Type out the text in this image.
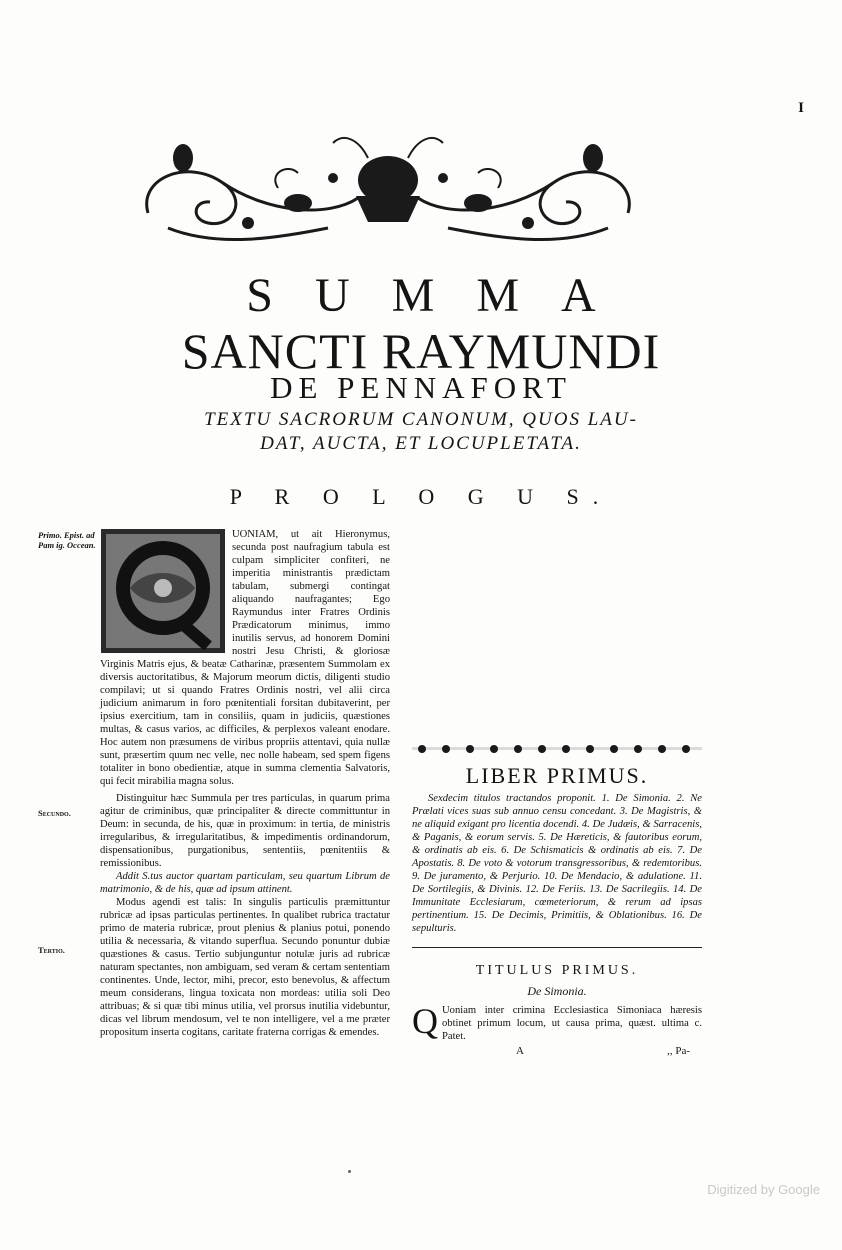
I
SUMMA
SANCTI RAYMUNDI
DE PENNAFORT
TEXTU SACRORUM CANONUM, QUOS LAU-
DAT, AUCTA, ET LOCUPLETATA.
P R O L O G U S.
Primo. Epist. ad Pam ig. Occean.
Secundo.
Tertio.

UONIAM, ut ait Hieronymus, secunda post naufragium tabula est culpam simpliciter confiteri, ne imperitia ministrantis prædictam tabulam, submergi contingat aliquando naufragantes; Ego Raymundus inter Fratres Ordinis Prædicatorum minimus, immo inutilis servus, ad honorem Domini nostri Jesu Christi, & gloriosæ Virginis Matris ejus, & beatæ Catharinæ, præsentem Summolam ex diversis auctoritatibus, & Majorum meorum dictis, diligenti studio compilavi; ut si quando Fratres Ordinis nostri, vel alii circa judicium animarum in foro pœnitentiali forsitan dubitaverint, per ipsius exercitium, tam in consiliis, quam in judiciis, quæstiones multas, & casus varios, ac difficiles, & perplexos valeant enodare. Hoc autem non præsumens de viribus propriis attentavi, quia nullæ sunt, præsertim quum nec velle, nec nolle habeam, sed spem figens totaliter in bono obedientiæ, atque in summa clementia Salvatoris, qui fecit mirabilia magna solus.

Distinguitur hæc Summula per tres particulas, in quarum prima agitur de criminibus, quæ principaliter & directe committuntur in Deum: in secunda, de his, quæ in proximum: in tertia, de ministris irregularibus, & irregularitatibus, & impedimentis ordinandorum, dispensationibus, purgationibus, sententiis, pœnitentiis & remissionibus.

Addit S.tus auctor quartam particulam, seu quartum Librum de matrimonio, & de his, quæ ad ipsum attinent.

Modus agendi est talis: In singulis particulis præmittuntur rubricæ ad ipsas particulas pertinentes. In qualibet rubrica tractatur primo de materia rubricæ, prout plenius & planius potui, ponendo utilia & necessaria, & vitando superflua. Secundo ponuntur dubiæ quæstiones & casus. Tertio subjunguntur notulæ juris ad rubricæ naturam spectantes, non ambiguam, sed veram & certam sententiam continentes. Unde, lector, mihi, precor, esto benevolus, & affectum meum considerans, lingua toxicata non mordeas: utilia soli Deo attribuas; & si quæ tibi minus utilia, vel prorsus inutilia videbuntur, dicas vel librum mendosum, vel te non intelligere, vel a me præter propositum inserta cogitans, caritate fraterna corrigas & emendes.

LIBER PRIMUS.

Sexdecim titulos tractandos proponit. 1. De Simonia. 2. Ne Prælati vices suas sub annuo censu concedant. 3. De Magistris, & ne aliquid exigant pro licentia docendi. 4. De Judæis, & Sarracenis, & Paganis, & eorum servis. 5. De Hæreticis, & fautoribus eorum, & ordinatis ab eis. 6. De Schismaticis & ordinatis ab eis. 7. De Apostatis. 8. De voto & votorum transgressoribus, & redemtoribus. 9. De juramento, & Perjurio. 10. De Mendacio, & adulatione. 11. De Sortilegiis, & Divinis. 12. De Feriis. 13. De Sacrilegiis. 14. De Immunitate Ecclesiarum, cœmeteriorum, & rerum ad ipsas pertinentium. 15. De Decimis, Primitiis, & Oblationibus. 16. De sepulturis.

TITULUS PRIMUS.
De Simonia.

Q Uoniam inter crimina Ecclesiastica Simoniaca hæresis obtinet primum locum, ut causa prima, quæst. ultima c. Patet.

A	,, Pa-
Digitized by Google
